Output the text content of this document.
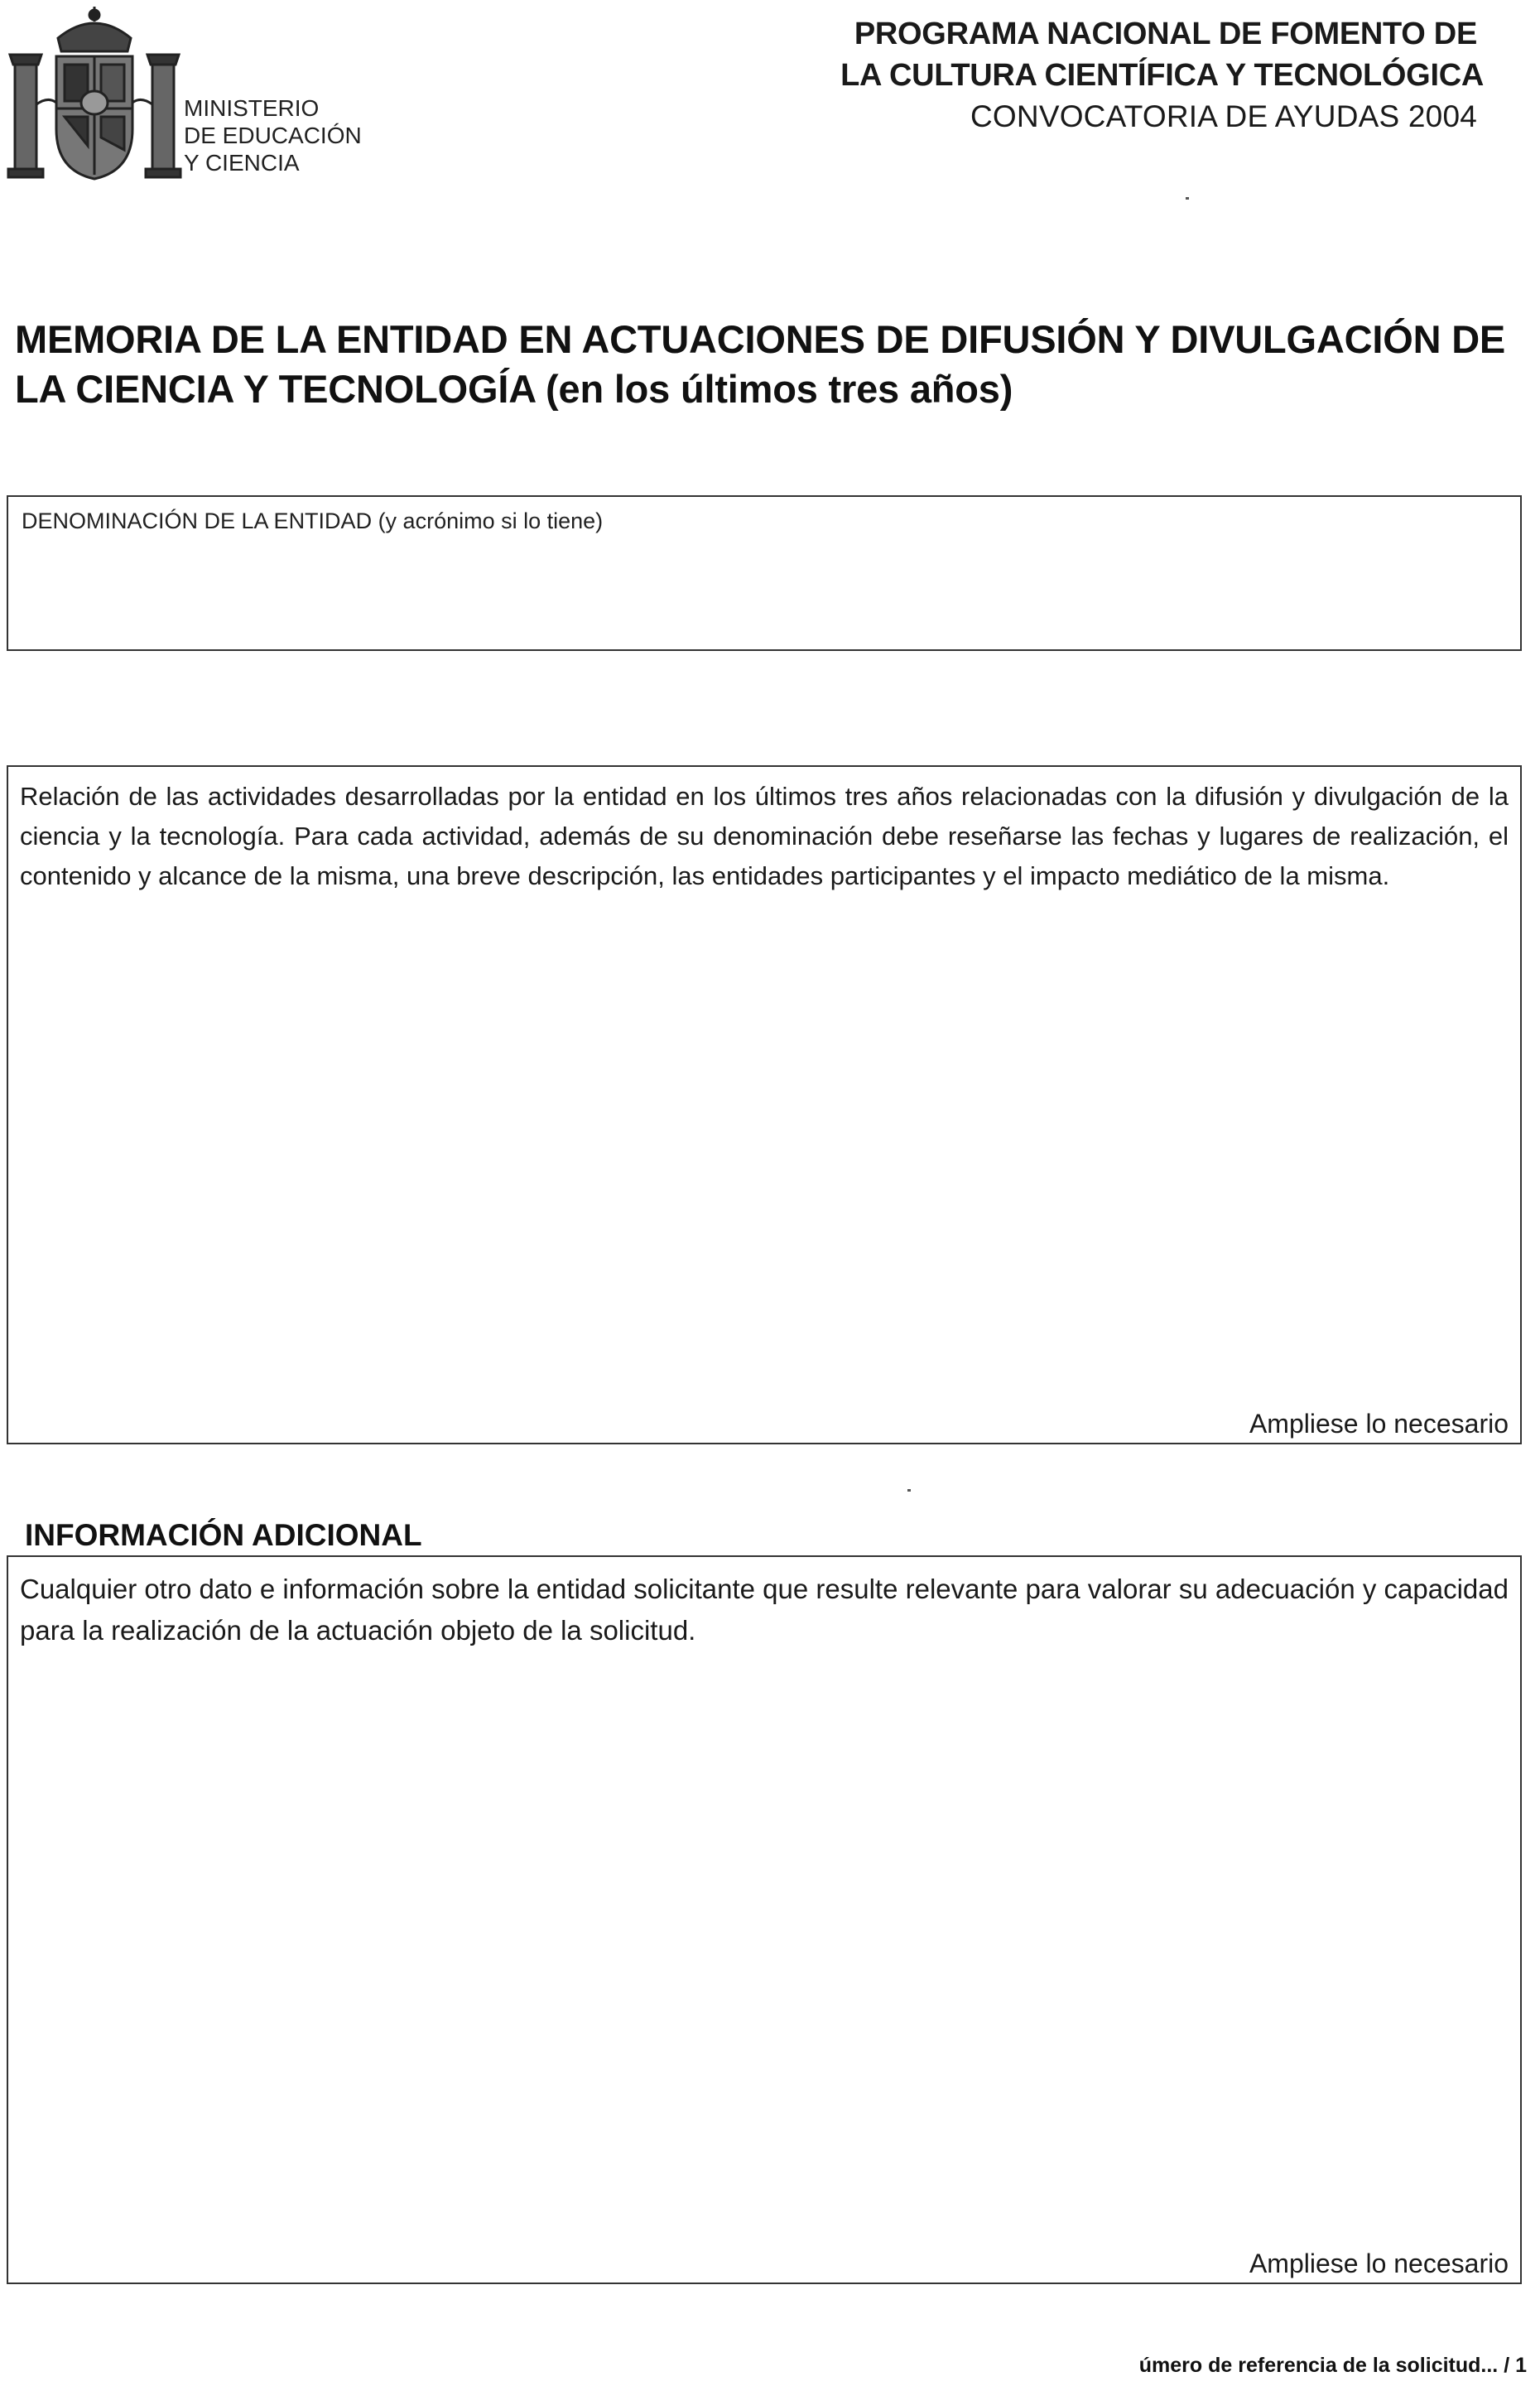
MINISTERIO
DE EDUCACIÓN
Y CIENCIA
PROGRAMA NACIONAL DE FOMENTO DE
LA CULTURA CIENTÍFICA Y TECNOLÓGICA
CONVOCATORIA DE AYUDAS 2004
MEMORIA DE LA ENTIDAD EN ACTUACIONES DE DIFUSIÓN Y DIVULGACIÓN DE LA CIENCIA Y TECNOLOGÍA (en los últimos tres años)
DENOMINACIÓN DE LA ENTIDAD (y acrónimo si lo tiene)
Relación de las actividades desarrolladas por la entidad en los últimos tres años relacionadas con la difusión y divulgación de la ciencia y la tecnología. Para cada actividad, además de su denominación debe reseñarse las fechas y lugares de realización, el contenido y alcance de la misma, una breve descripción, las entidades participantes y el impacto mediático de la misma.
Ampliese lo necesario
INFORMACIÓN ADICIONAL
Cualquier otro dato e información sobre la entidad solicitante que resulte relevante para valorar su adecuación y capacidad para la realización de la actuación objeto de la solicitud.
Ampliese lo necesario
úmero de referencia de la solicitud... / 1
